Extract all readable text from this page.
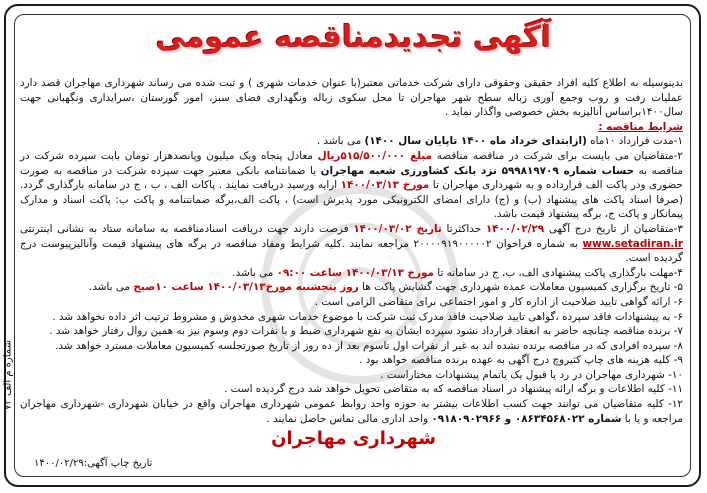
آگهی تجدیدمناقصه عمومی

بدینوسیله به اطلاع کلیه افراد حقیقی وحقوقی دارای شرکت خدماتی معتبر(با عنوان خدمات شهری ) و ثبت شده می رساند شهرداری مهاجران قصد دارد عملیات رفت و روب وجمع آوری زباله سطح شهر مهاجران تا محل سکوی زباله ونگهداری فضای سبز، امور گورستان ،سرایداری ونگهبانی جهت سال۱۴۰۰براساس آنالیزبه بخش خصوصی واگذار نماید .

شرایط مناقصه :

۱-مدت قرارداد ۱۰ماه (ازابتدای خرداد ماه ۱۴۰۰ تاپایان سال ۱۴۰۰) می باشد .

۲-متقاضیان می بایست برای شرکت در مناقصه مناقصه مبلغ ۵۱۵/۵۰۰/۰۰۰ریال معادل پنجاه ویک میلیون وپانصدهزار تومان بابت سپرده شرکت در مناقصه به حساب شماره ۵۹۹۸۱۹۷۰۹ نزد بانک کشاورزی شعبه مهاجران یا ضمانتنامه بانکی معتبر جهت سپرده شرکت در مناقصه به صورت حضوری ودر پاکت الف قرارداده و به شهرداری مهاجران تا مورخ ۱۴۰۰/۰۳/۱۳ ارایه ورسید دریافت نمایند . پاکات الف ، ب ، ج در سامانه بارگذاری گردد.(صرفا اسناد پاکت های پیشنهاد (ب) و (ج) دارای امضای الکترونیکی مورد پذیرش است) ، پاکت الف،برگه ضمانتنامه و پاکت ب: پاکت اسناد و مدارک پیمانکار و پاکت ج، برگه پیشنهاد قیمت باشد.

۳-متقاضیان از تاریخ درج آگهی ۱۴۰۰/۰۲/۲۹ حداکثرتا تاریخ ۱۴۰۰/۰۳/۰۲ فرصت دارند جهت دریافت اسنادمناقصه به سامانه ستاد به نشانی اینترنتی www.setadiran.ir به شماره فراخوان ۲۰۰۰۰۹۱۹۰۰۰۰۰۲ مراجعه نمایند .کلیه شرایط ومفاد مناقصه در برگه های پیشنهاد قیمت وآنالیزپیوست درج گردیده است.

۴-مهلت بارگذاری پاکت پیشنهادی الف، ب، ج در سامانه تا مورخ ۱۴۰۰/۰۳/۱۳ ساعت ۰۹:۰۰ می باشد.

۵- تاریخ برگزاری کمیسیون معاملات عمده شهرداری جهت گشایش پاکت ها روز پنجشنبه مورخ۱۴۰۰/۰۳/۱۳ ساعت ۱۰صبح می باشد.

۶- ارائه گواهی تایید صلاحیت از اداره کار و امور اجتماعی برای متقاضی الزامی است .

۶- به پیشنهادات فاقد سپرده ،گواهی تایید صلاحیت فاقد مدرک ثبت شرکت با موضوع خدمات شهری مخدوش و مشروط ترتیب اثر داده نخواهد شد .

۷- برنده مناقصه چنانچه حاضر به انعقاد قرارداد نشود سپرده ایشان به نفع شهرداری ضبط و با نفرات دوم وسوم نیز به همین روال رفتار خواهد شد .

۸- سپرده افرادی که در مناقصه برنده نشده اند به غیر از نفرات اول تاسوم بعد از ده روز از تاریخ صورتجلسه کمیسیون معاملات مسترد خواهد شد.

۹- کلیه هزینه های چاپ کثیروچ درج آگهی به عهده برنده مناقصه خواهد بود .

۱۰- شهرداری مهاجران در رد یا قبول یک یاتمام پیشنهادات مختاراست .

۱۱- کلیه اطلاعات و برگه ارائه پیشنهاد در اسناد مناقصه که به متقاضی تحویل خواهد شد درج گردیده است .

۱۲- کلیه متقاضیان می توانند جهت کسب اطلاعات بیشتر به حوزه واحد روابط عمومی شهرداری مهاجران واقع در خیابان شهرداری -شهرداری مهاجران مراجعه و یا با شماره ۰۸۶۳۴۵۶۸۰۲۲ و ۰۹۱۸۰۹۰۲۹۶۶ واحد اداری مالی تماس حاصل نمایند .

شماره م الف ۷۲
شهرداری مهاجران
تاریخ چاپ آگهی:۱۴۰۰/۰۲/۲۹
